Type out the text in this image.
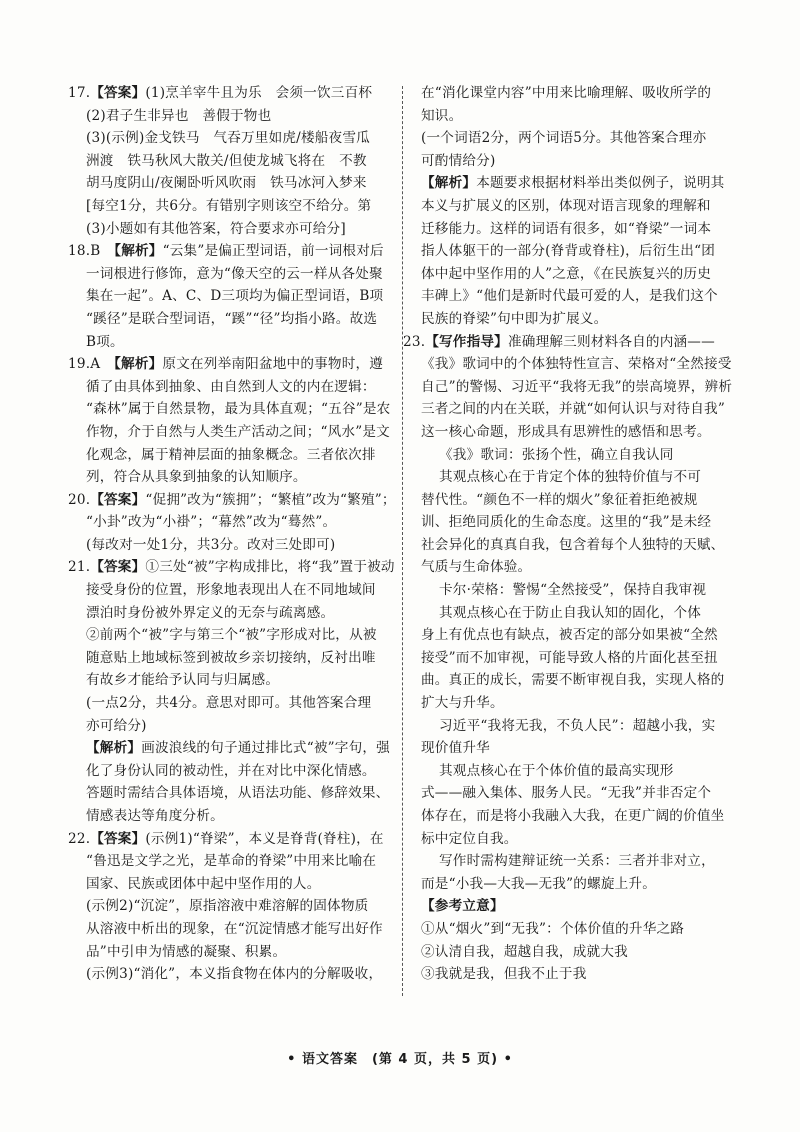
17.【答案】(1)烹羊宰牛且为乐　会须一饮三百杯

(2)君子生非异也　善假于物也

(3)(示例)金戈铁马　气吞万里如虎/楼船夜雪瓜

洲渡　铁马秋风大散关/但使龙城飞将在　不教

胡马度阴山/夜阑卧听风吹雨　铁马冰河入梦来

[每空1分，共6分。有错别字则该空不给分。第

(3)小题如有其他答案，符合要求亦可给分]

18.B　【解析】“云集”是偏正型词语，前一词根对后

一词根进行修饰，意为“像天空的云一样从各处聚

集在一起”。A、C、D三项均为偏正型词语，B项

“蹊径”是联合型词语，“蹊”“径”均指小路。故选

B项。

19.A　【解析】原文在列举南阳盆地中的事物时，遵

循了由具体到抽象、由自然到人文的内在逻辑：

“森林”属于自然景物，最为具体直观；“五谷”是农

作物，介于自然与人类生产活动之间；“风水”是文

化观念，属于精神层面的抽象概念。三者依次排

列，符合从具象到抽象的认知顺序。

20.【答案】“促拥”改为“簇拥”；“繁植”改为“繁殖”；

“小卦”改为“小褂”；“幕然”改为“蓦然”。

(每改对一处1分，共3分。改对三处即可)

21.【答案】①三处“被”字构成排比，将“我”置于被动

接受身份的位置，形象地表现出人在不同地域间

漂泊时身份被外界定义的无奈与疏离感。

②前两个“被”字与第三个“被”字形成对比，从被

随意贴上地域标签到被故乡亲切接纳，反衬出唯

有故乡才能给予认同与归属感。

(一点2分，共4分。意思对即可。其他答案合理

亦可给分)

【解析】画波浪线的句子通过排比式“被”字句，强

化了身份认同的被动性，并在对比中深化情感。

答题时需结合具体语境，从语法功能、修辞效果、

情感表达等角度分析。

22.【答案】(示例1)“脊梁”，本义是脊背(脊柱)，在

“鲁迅是文学之光，是革命的脊梁”中用来比喻在

国家、民族或团体中起中坚作用的人。

(示例2)“沉淀”，原指溶液中难溶解的固体物质

从溶液中析出的现象，在“沉淀情感才能写出好作

品”中引申为情感的凝聚、积累。

(示例3)“消化”，本义指食物在体内的分解吸收，

在“消化课堂内容”中用来比喻理解、吸收所学的

知识。

(一个词语2分，两个词语5分。其他答案合理亦

可酌情给分)

【解析】本题要求根据材料举出类似例子，说明其

本义与扩展义的区别，体现对语言现象的理解和

迁移能力。这样的词语有很多，如“脊梁”一词本

指人体躯干的一部分(脊背或脊柱)，后衍生出“团

体中起中坚作用的人”之意，《在民族复兴的历史

丰碑上》“他们是新时代最可爱的人，是我们这个

民族的脊梁”句中即为扩展义。

23.【写作指导】准确理解三则材料各自的内涵——

《我》歌词中的个体独特性宣言、荣格对“全然接受

自己”的警惕、习近平“我将无我”的崇高境界，辨析

三者之间的内在关联，并就“如何认识与对待自我”

这一核心命题，形成具有思辨性的感悟和思考。

《我》歌词：张扬个性，确立自我认同

其观点核心在于肯定个体的独特价值与不可

替代性。“颜色不一样的烟火”象征着拒绝被规

训、拒绝同质化的生命态度。这里的“我”是未经

社会异化的真真自我，包含着每个人独特的天赋、

气质与生命体验。

卡尔·荣格：警惕“全然接受”，保持自我审视

其观点核心在于防止自我认知的固化，个体

身上有优点也有缺点，被否定的部分如果被“全然

接受”而不加审视，可能导致人格的片面化甚至扭

曲。真正的成长，需要不断审视自我，实现人格的

扩大与升华。

习近平“我将无我，不负人民”：超越小我，实

现价值升华

其观点核心在于个体价值的最高实现形

式——融入集体、服务人民。“无我”并非否定个

体存在，而是将小我融入大我，在更广阔的价值坐

标中定位自我。

写作时需构建辩证统一关系：三者并非对立，

而是“小我—大我—无我”的螺旋上升。

【参考立意】

①从“烟火”到“无我”：个体价值的升华之路

②认清自我，超越自我，成就大我

③我就是我，但我不止于我

• 语文答案　(第 4 页，共 5 页) •
